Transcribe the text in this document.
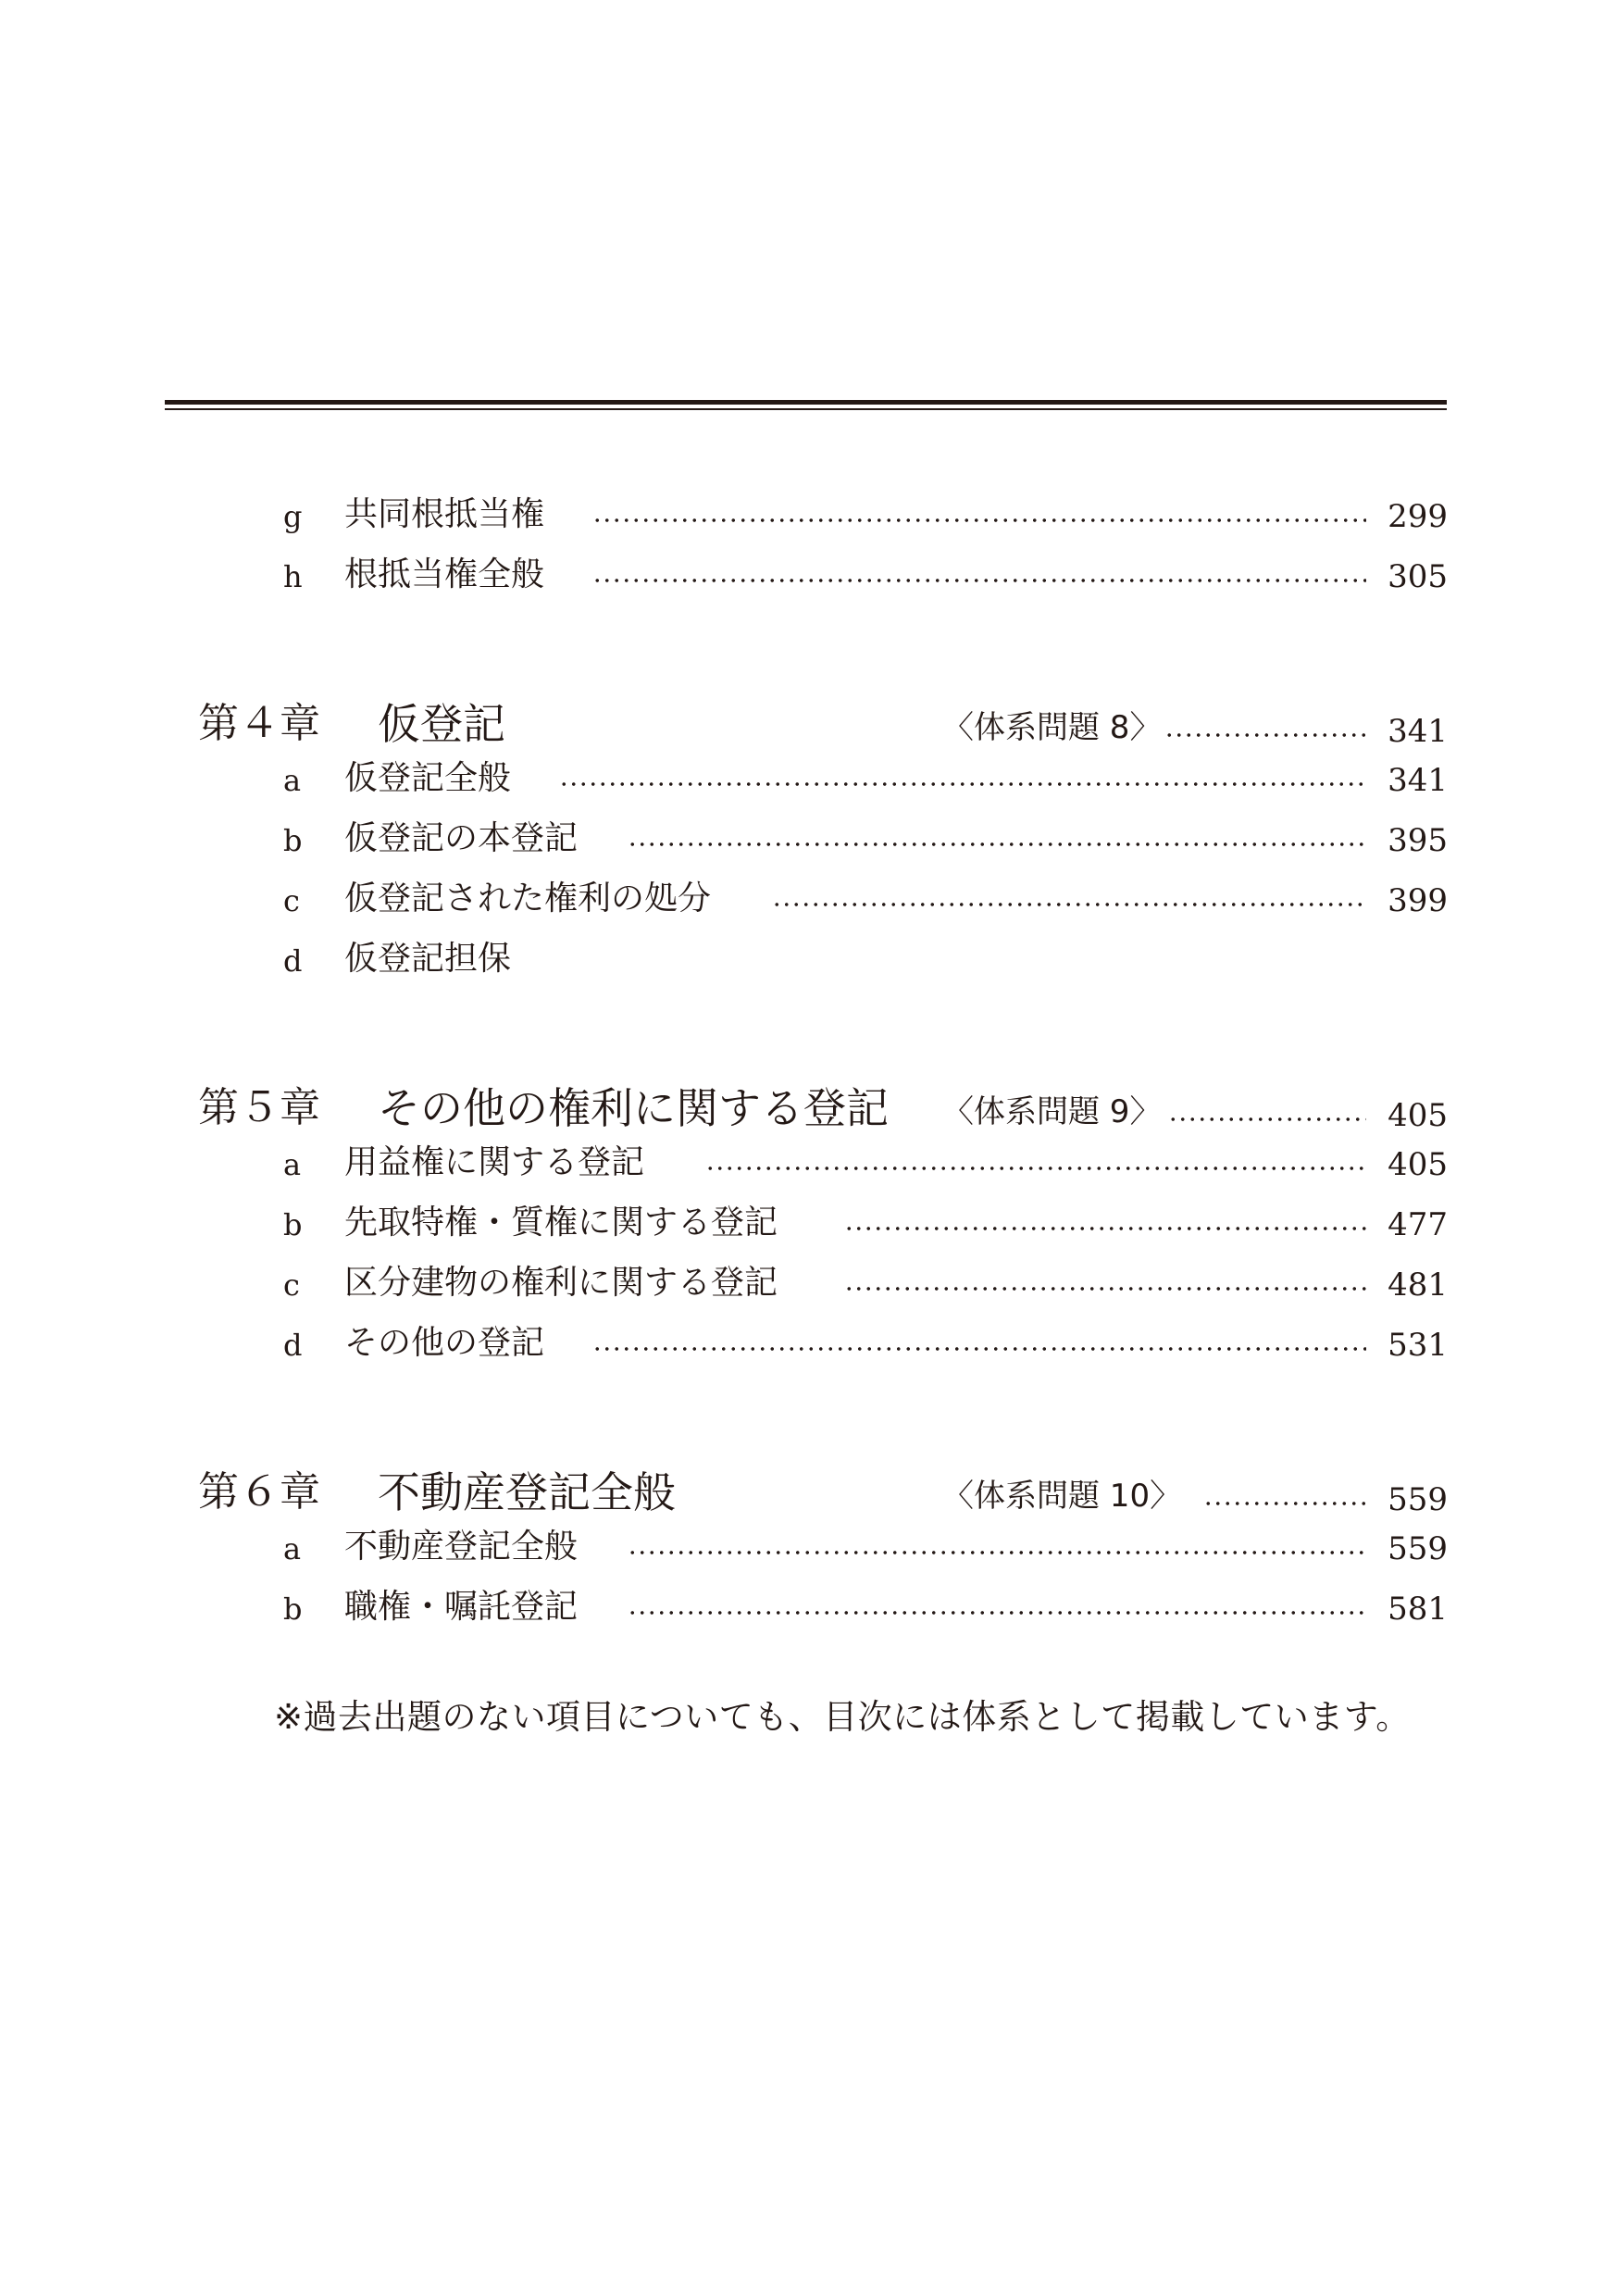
g 共同根抵当権	299
h 根抵当権全般	305
第４章 仮登記	〈体系問題 8〉	341
a 仮登記全般	341
b 仮登記の本登記	395
c 仮登記された権利の処分	399
d 仮登記担保
第５章 その他の権利に関する登記 〈体系問題 9〉	405
a 用益権に関する登記	405
b 先取特権・質権に関する登記	477
c 区分建物の権利に関する登記	481
d その他の登記	531
第６章 不動産登記全般	〈体系問題 10〉	559
a 不動産登記全般	559
b 職権・嘱託登記	581
※過去出題のない項目についても、目次には体系として掲載しています。
